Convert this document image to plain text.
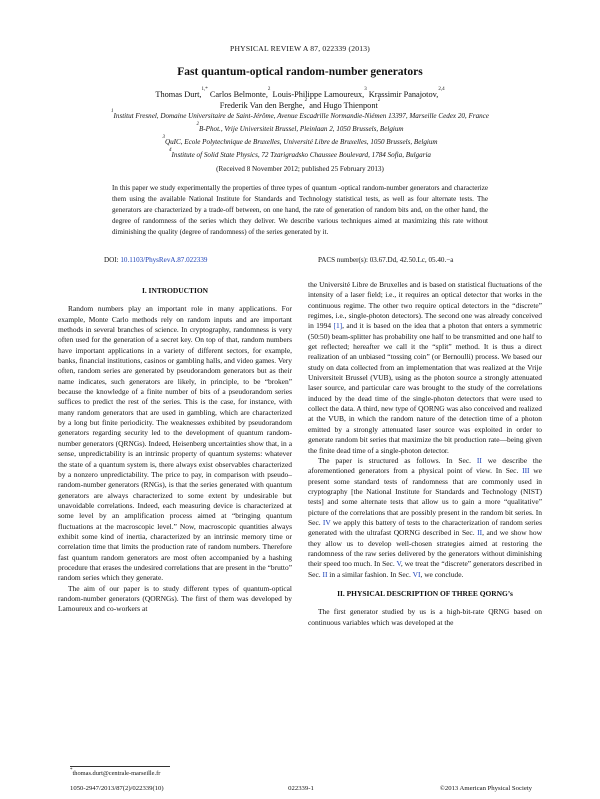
PHYSICAL REVIEW A 87, 022339 (2013)
Fast quantum-optical random-number generators
Thomas Durt,$^{1,*}$ Carlos Belmonte,$^2$ Louis-Philippe Lamoureux,$^3$ Krassimir Panajotov,$^{2,4}$
Frederik Van den Berghe,$^2$ and Hugo Thienpont$^2$
$^1$Institut Fresnel, Domaine Universitaire de Saint-Jérôme, Avenue Escadrille Normandie-Niémen 13397, Marseille Cedex 20, France
$^2$B-Phot., Vrije Universiteit Brussel, Pleinlaan 2, 1050 Brussels, Belgium
$^3$QuIC, Ecole Polytechnique de Bruxelles, Université Libre de Bruxelles, 1050 Brussels, Belgium
$^4$Institute of Solid State Physics, 72 Tzarigradsko Chaussee Boulevard, 1784 Sofia, Bulgaria
(Received 8 November 2012; published 25 February 2013)
In this paper we study experimentally the properties of three types of quantum -optical random-number generators and characterize them using the available National Institute for Standards and Technology statistical tests, as well as four alternate tests. The generators are characterized by a trade-off between, on one hand, the rate of generation of random bits and, on the other hand, the degree of randomness of the series which they deliver. We describe various techniques aimed at maximizing this rate without diminishing the quality (degree of randomness) of the series generated by it.
DOI: 10.1103/PhysRevA.87.022339	PACS number(s): 03.67.Dd, 42.50.Lc, 05.40.−a

I. INTRODUCTION

Random numbers play an important role in many applications. For example, Monte Carlo methods rely on random inputs and are important methods in several branches of science. In cryptography, randomness is very often used for the generation of a secret key. On top of that, random numbers have important applications in a variety of different sectors, for example, banks, financial institutions, casinos or gambling halls, and video games. Very often, random series are generated by pseudorandom generators but as their name indicates, such generators are likely, in principle, to be “broken” because the knowledge of a finite number of bits of a pseudorandom series suffices to predict the rest of the series. This is the case, for instance, with many random generators that are used in gambling, which are characterized by a long but finite periodicity. The weaknesses exhibited by pseudorandom generators regarding security led to the development of quantum random-number generators (QRNGs). Indeed, Heisenberg uncertainties show that, in a sense, unpredictability is an intrinsic property of quantum systems: whatever the state of a quantum system is, there always exist observables characterized by a nonzero unpredictability. The price to pay, in comparison with pseudo–random-number generators (RNGs), is that the series generated with quantum generators are always characterized to some extent by undesirable but unavoidable correlations. Indeed, each measuring device is characterized at some level by an amplification process aimed at “bringing quantum fluctuations at the macroscopic level.” Now, macroscopic quantities always exhibit some kind of inertia, characterized by an intrinsic memory time or correlation time that limits the production rate of random numbers. Therefore fast quantum random generators are most often accompanied by a hashing procedure that erases the undesired correlations that are present in the “brutto” random series which they generate.

The aim of our paper is to study different types of quantum-optical random-number generators (QORNGs). The first of them was developed by Lamoureux and co-workers at

the Université Libre de Bruxelles and is based on statistical fluctuations of the intensity of a laser field; i.e., it requires an optical detector that works in the continuous regime. The other two require optical detectors in the “discrete” regimes, i.e., single-photon detectors). The second one was already conceived in 1994 [1], and it is based on the idea that a photon that enters a symmetric (50:50) beam-splitter has probability one half to be transmitted and one half to get reflected; hereafter we call it the “split” method. It is thus a direct realization of an unbiased “tossing coin” (or Bernoulli) process. We based our study on data collected from an implementation that was realized at the Vrije Universiteit Brussel (VUB), using as the photon source a strongly attenuated laser source, and particular care was brought to the study of the correlations induced by the dead time of the single-photon detectors that were used to collect the data. A third, new type of QORNG was also conceived and realized at the VUB, in which the random nature of the detection time of a photon emitted by a strongly attenuated laser source was exploited in order to generate random bit series that maximize the bit production rate—being given the finite dead time of a single-photon detector.

The paper is structured as follows. In Sec. II we describe the aforementioned generators from a physical point of view. In Sec. III we present some standard tests of randomness that are commonly used in cryptography [the National Institute for Standards and Technology (NIST) tests] and some alternate tests that allow us to gain a more “qualitative” picture of the correlations that are possibly present in the random bit series. In Sec. IV we apply this battery of tests to the characterization of random series generated with the ultrafast QORNG described in Sec. II, and we show how they allow us to develop well-chosen strategies aimed at restoring the randomness of the raw series delivered by the generators without diminishing their speed too much. In Sec. V, we treat the “discrete” generators described in Sec. II in a similar fashion. In Sec. VI, we conclude.

II. PHYSICAL DESCRIPTION OF THREE QORNG’s

The first generator studied by us is a high-bit-rate QRNG based on continuous variables which was developed at the

*thomas.durt@centrale-marseille.fr
1050-2947/2013/87(2)/022339(10)	022339-1	©2013 American Physical Society
